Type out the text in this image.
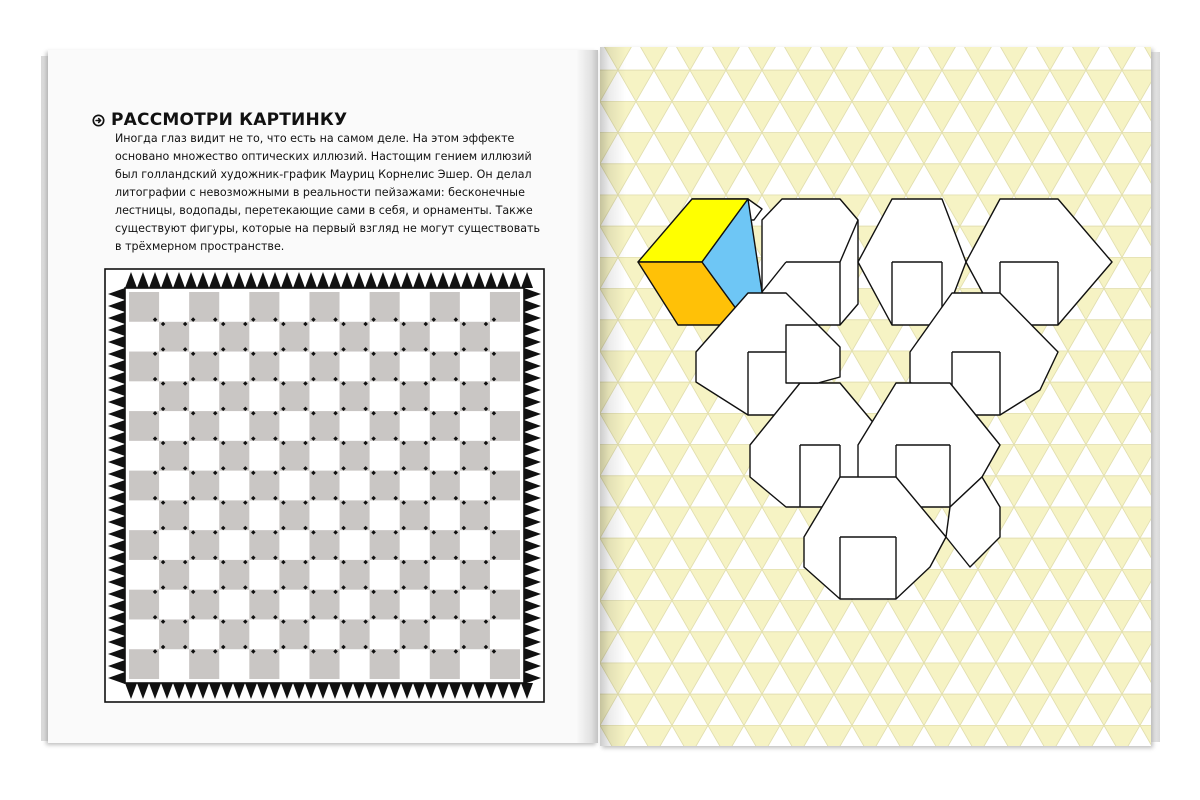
РАССМОТРИ КАРТИНКУ
Иногда глаз видит не то, что есть на самом деле. На этом эффекте
основано множество оптических иллюзий. Настощим гением иллюзий
был голландский художник-график Мауриц Корнелис Эшер. Он делал
литографии с невозможными в реальности пейзажами: бесконечные
лестницы, водопады, перетекающие сами в себя, и орнаменты. Также
существуют фигуры, которые на первый взгляд не могут существовать
в трёхмерном пространстве.
